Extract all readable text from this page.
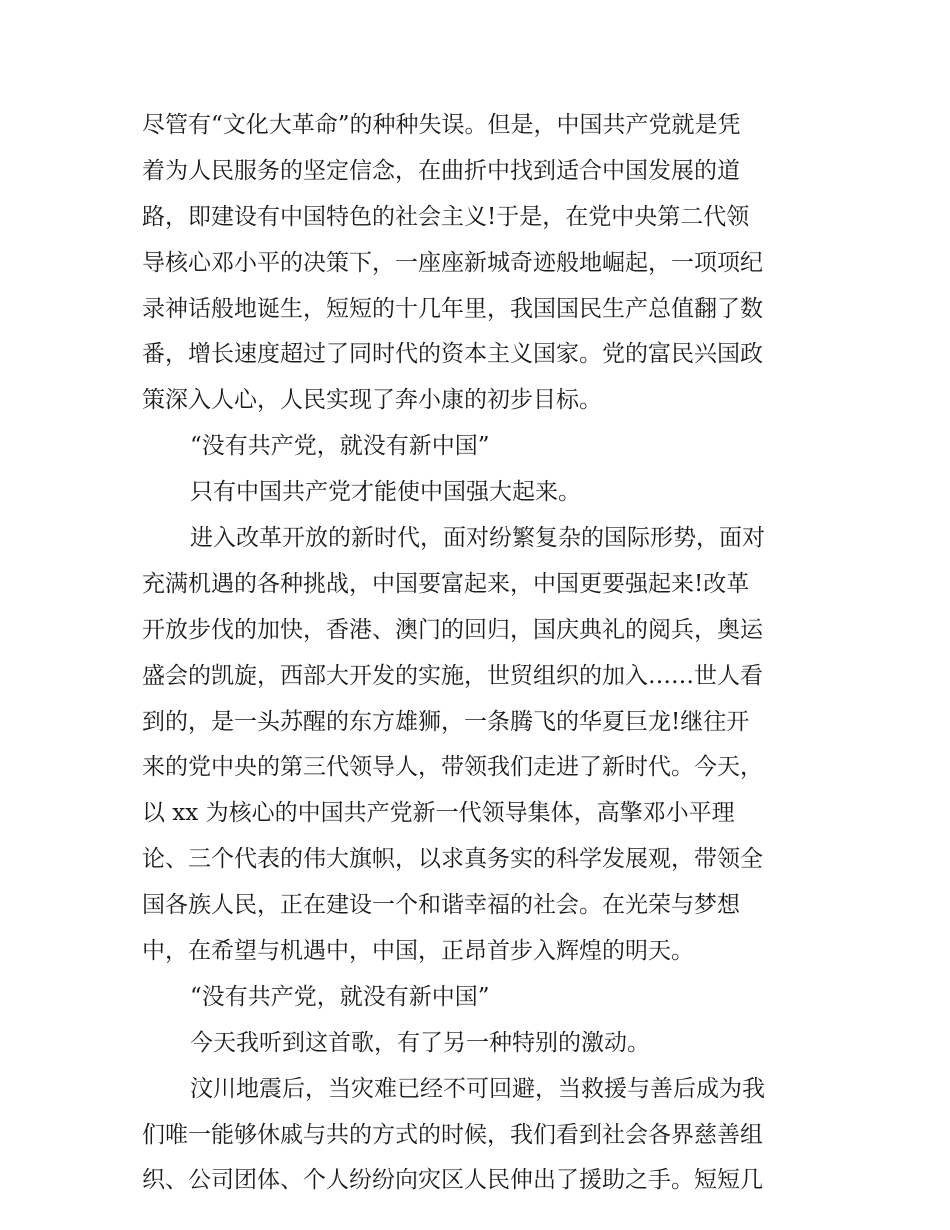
尽管有“文化大革命”的种种失误。但是，中国共产党就是凭
着为人民服务的坚定信念，在曲折中找到适合中国发展的道
路，即建设有中国特色的社会主义!于是，在党中央第二代领
导核心邓小平的决策下，一座座新城奇迹般地崛起，一项项纪
录神话般地诞生，短短的十几年里，我国国民生产总值翻了数
番，增长速度超过了同时代的资本主义国家。党的富民兴国政
策深入人心，人民实现了奔小康的初步目标。
“没有共产党，就没有新中国”
只有中国共产党才能使中国强大起来。
进入改革开放的新时代，面对纷繁复杂的国际形势，面对
充满机遇的各种挑战，中国要富起来，中国更要强起来!改革
开放步伐的加快，香港、澳门的回归，国庆典礼的阅兵，奥运
盛会的凯旋，西部大开发的实施，世贸组织的加入……世人看
到的，是一头苏醒的东方雄狮，一条腾飞的华夏巨龙!继往开
来的党中央的第三代领导人，带领我们走进了新时代。今天，
以 xx 为核心的中国共产党新一代领导集体，高擎邓小平理
论、三个代表的伟大旗帜，以求真务实的科学发展观，带领全
国各族人民，正在建设一个和谐幸福的社会。在光荣与梦想
中，在希望与机遇中，中国，正昂首步入辉煌的明天。
“没有共产党，就没有新中国”
今天我听到这首歌，有了另一种特别的激动。
汶川地震后，当灾难已经不可回避，当救援与善后成为我
们唯一能够休戚与共的方式的时候，我们看到社会各界慈善组
织、公司团体、个人纷纷向灾区人民伸出了援助之手。短短几
